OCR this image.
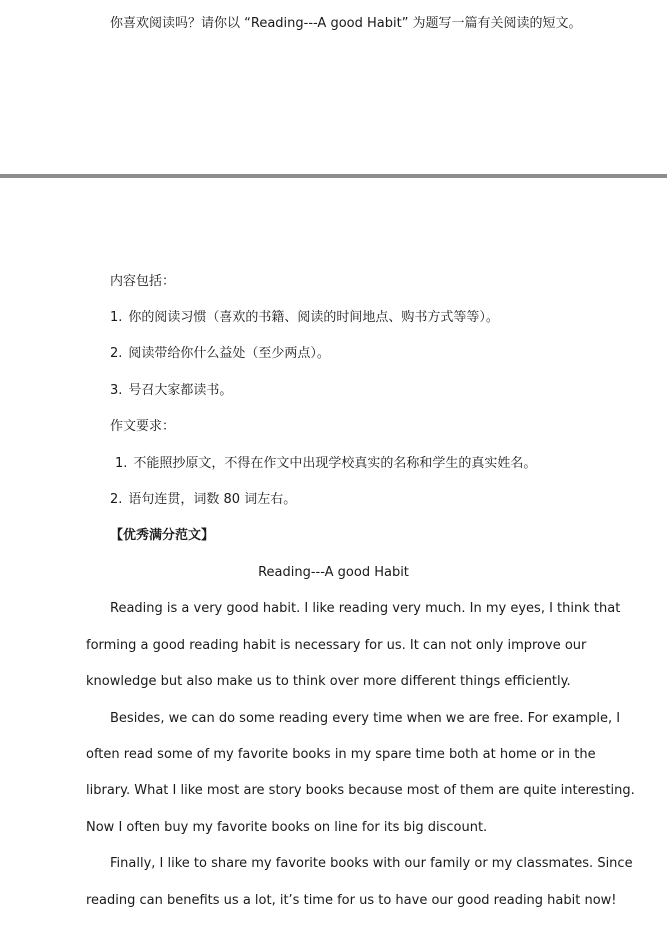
你喜欢阅读吗？请你以 “Reading---A good Habit” 为题写一篇有关阅读的短文。
内容包括：
1. 你的阅读习惯（喜欢的书籍、阅读的时间地点、购书方式等等）。
2. 阅读带给你什么益处（至少两点）。
3. 号召大家都读书。
作文要求：
1. 不能照抄原文，不得在作文中出现学校真实的名称和学生的真实姓名。
2. 语句连贯，词数 80 词左右。
【优秀满分范文】
Reading---A good Habit
Reading is a very good habit. I like reading very much. In my eyes, I think that
forming a good reading habit is necessary for us. It can not only improve our
knowledge but also make us to think over more different things efficiently.
Besides, we can do some reading every time when we are free. For example, I
often read some of my favorite books in my spare time both at home or in the
library. What I like most are story books because most of them are quite interesting.
Now I often buy my favorite books on line for its big discount.
Finally, I like to share my favorite books with our family or my classmates. Since
reading can benefits us a lot, it’s time for us to have our good reading habit now!
